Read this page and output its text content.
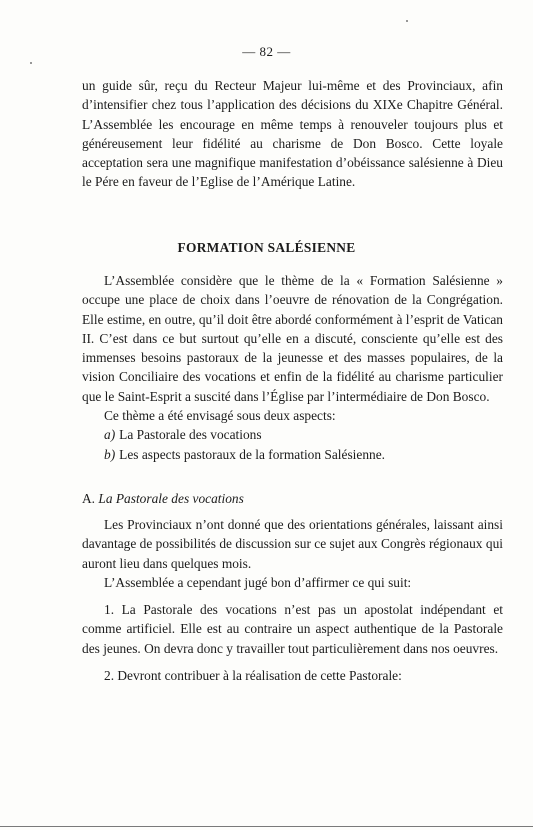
— 82 —

un guide sûr, reçu du Recteur Majeur lui-même et des Provinciaux, afin d’intensifier chez tous l’application des décisions du XIXe Chapitre Général. L’Assemblée les encourage en même temps à renouveler toujours plus et généreusement leur fidélité au charisme de Don Bosco. Cette loyale acceptation sera une magnifique manifestation d’obéissance salésienne à Dieu le Pére en faveur de l’Eglise de l’Amérique Latine.

FORMATION SALÉSIENNE

L’Assemblée considère que le thème de la « Formation Salésienne » occupe une place de choix dans l’oeuvre de rénovation de la Congrégation. Elle estime, en outre, qu’il doit être abordé conformément à l’esprit de Vatican II. C’est dans ce but surtout qu’elle en a discuté, consciente qu’elle est des immenses besoins pastoraux de la jeunesse et des masses populaires, de la vision Conciliaire des vocations et enfin de la fidélité au charisme particulier que le Saint-Esprit a suscité dans l’Église par l’intermédiaire de Don Bosco.

Ce thème a été envisagé sous deux aspects:

a) La Pastorale des vocations

b) Les aspects pastoraux de la formation Salésienne.

A. La Pastorale des vocations

Les Provinciaux n’ont donné que des orientations générales, laissant ainsi davantage de possibilités de discussion sur ce sujet aux Congrès régionaux qui auront lieu dans quelques mois.

L’Assemblée a cependant jugé bon d’affirmer ce qui suit:

1. La Pastorale des vocations n’est pas un apostolat indépendant et comme artificiel. Elle est au contraire un aspect authentique de la Pastorale des jeunes. On devra donc y travailler tout particulièrement dans nos oeuvres.

2. Devront contribuer à la réalisation de cette Pastorale:
